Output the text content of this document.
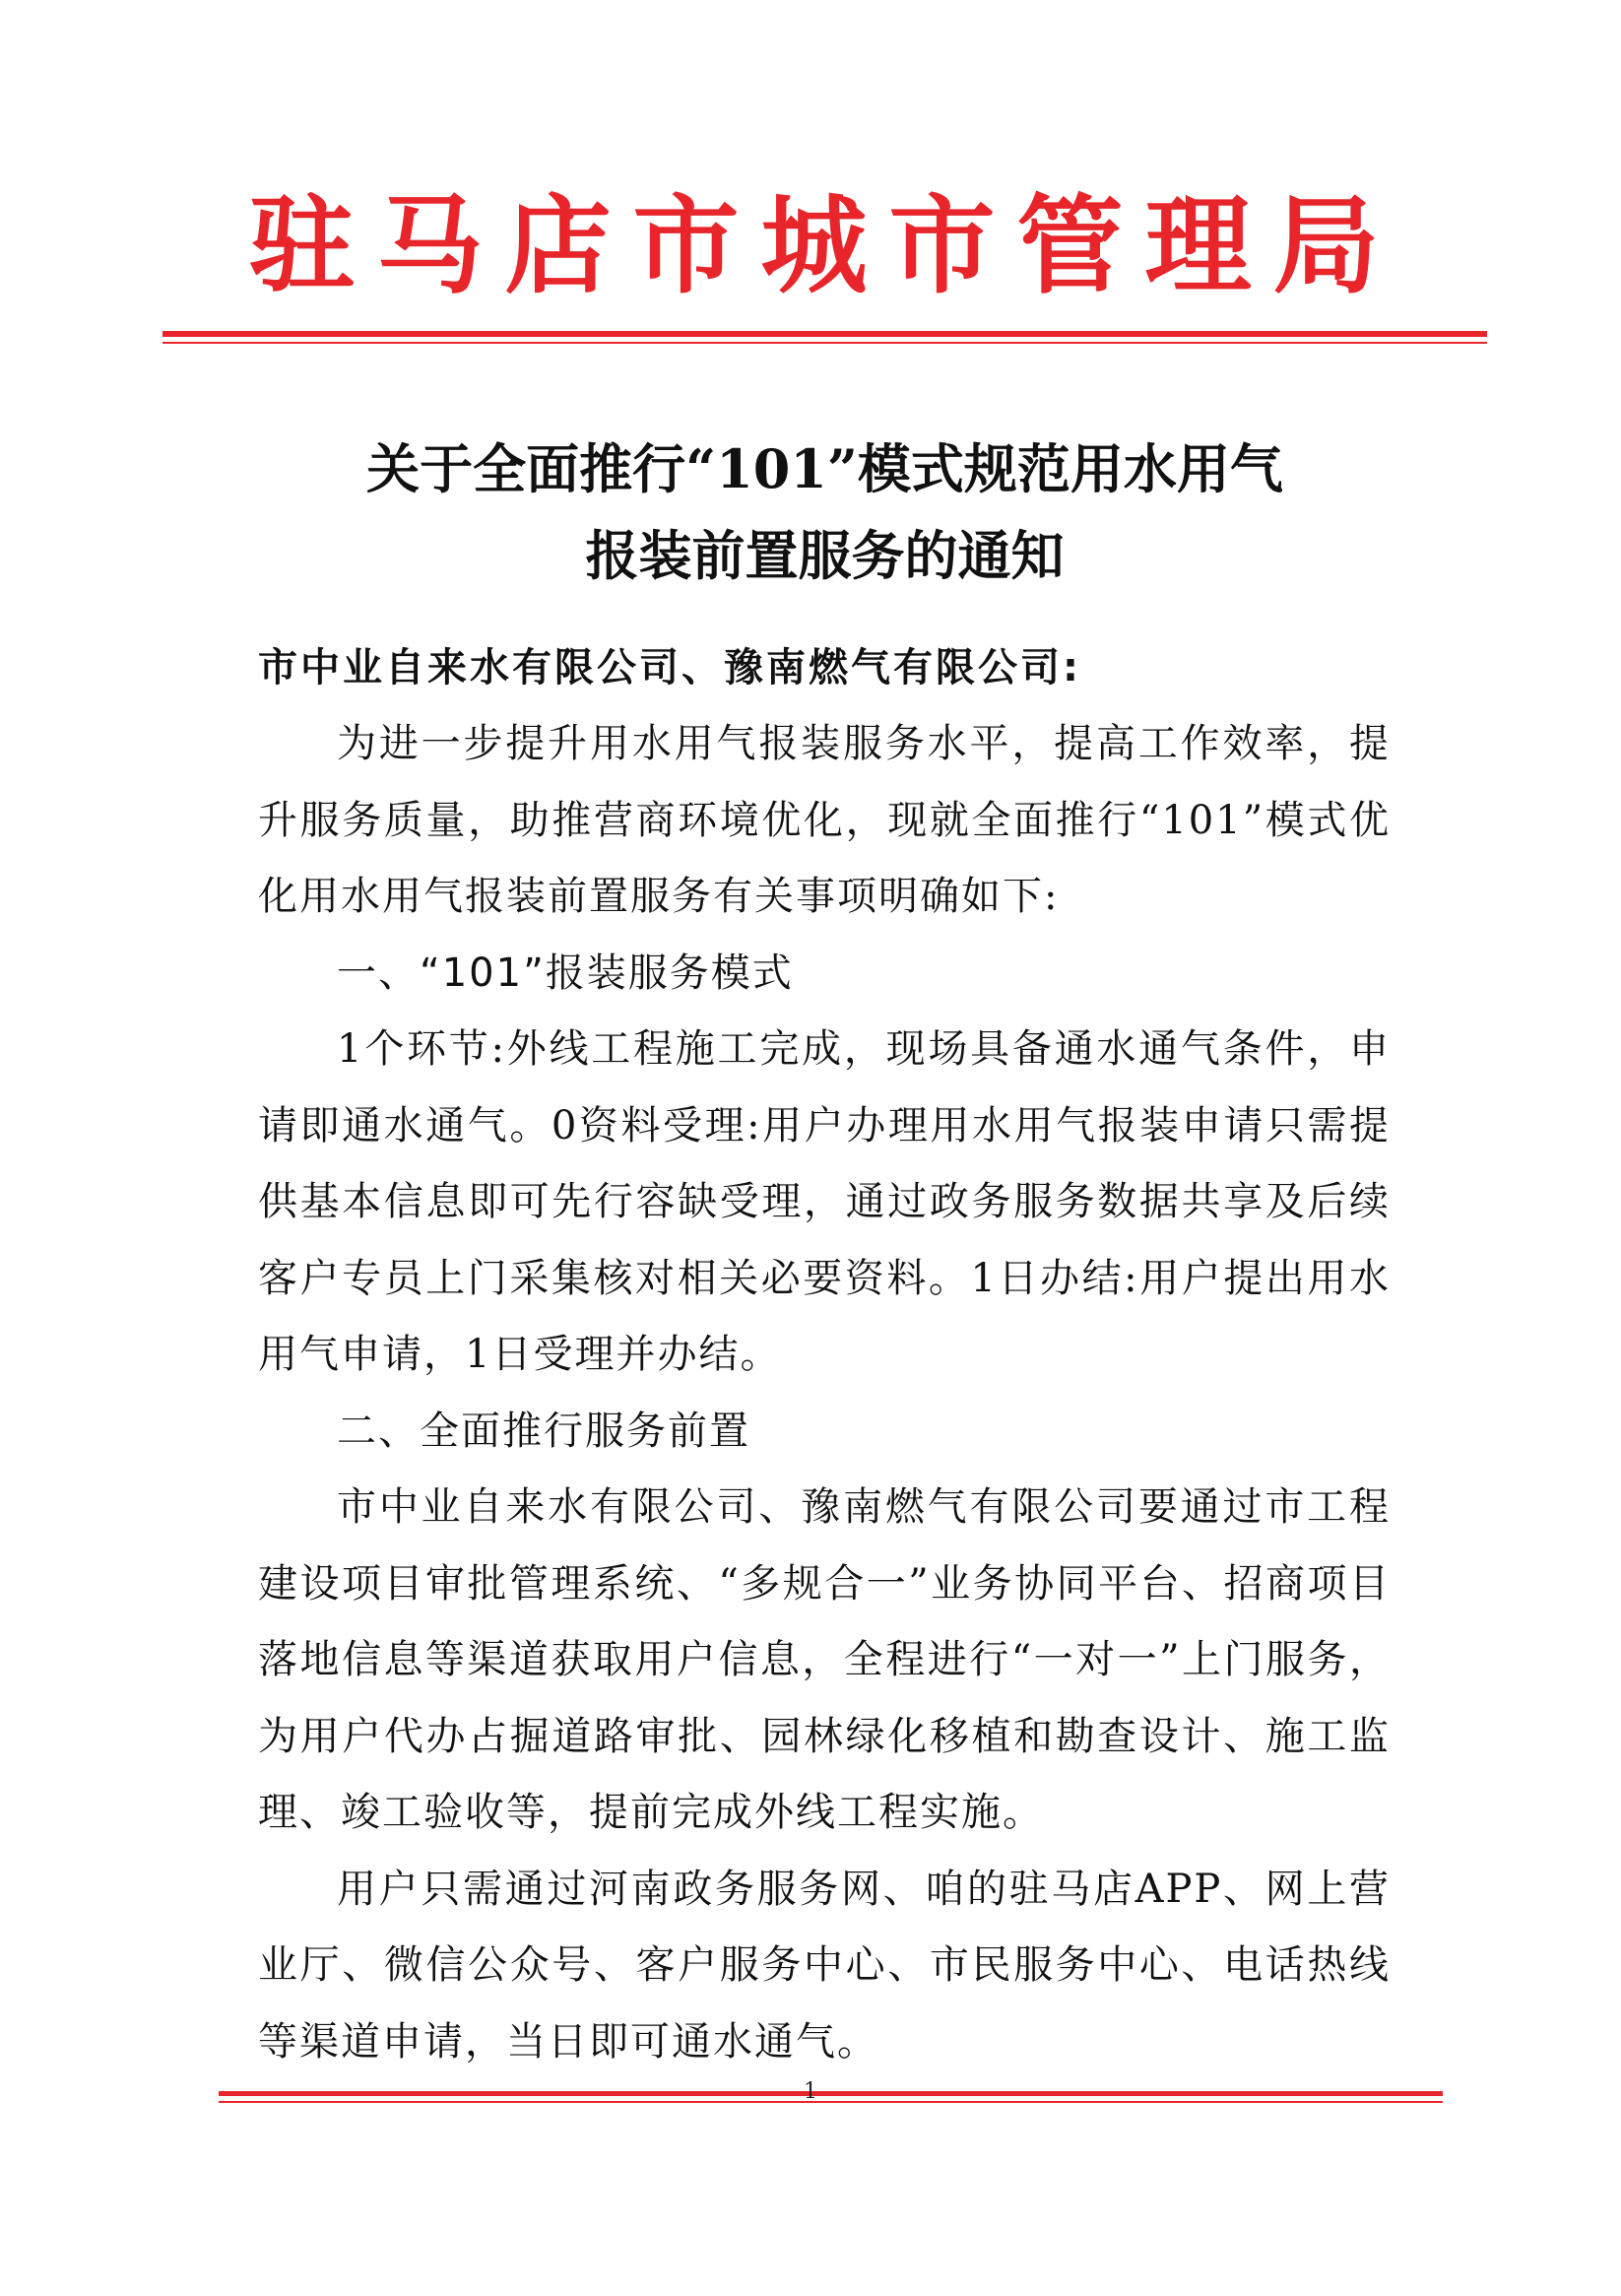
驻马店市城市管理局
关于全面推行“101”模式规范用水用气
报装前置服务的通知
市中业自来水有限公司、豫南燃气有限公司:

为进一步提升用水用气报装服务水平，提高工作效率，提升服务质量，助推营商环境优化，现就全面推行“101”模式优化用水用气报装前置服务有关事项明确如下:

一、“101”报装服务模式

1个环节:外线工程施工完成，现场具备通水通气条件，申请即通水通气。0资料受理:用户办理用水用气报装申请只需提供基本信息即可先行容缺受理，通过政务服务数据共享及后续客户专员上门采集核对相关必要资料。1日办结:用户提出用水用气申请，1日受理并办结。

二、全面推行服务前置

市中业自来水有限公司、豫南燃气有限公司要通过市工程建设项目审批管理系统、“多规合一”业务协同平台、招商项目落地信息等渠道获取用户信息，全程进行“一对一”上门服务，为用户代办占掘道路审批、园林绿化移植和勘查设计、施工监理、竣工验收等，提前完成外线工程实施。

用户只需通过河南政务服务网、咱的驻马店APP、网上营业厅、微信公众号、客户服务中心、市民服务中心、电话热线等渠道申请，当日即可通水通气。

1
